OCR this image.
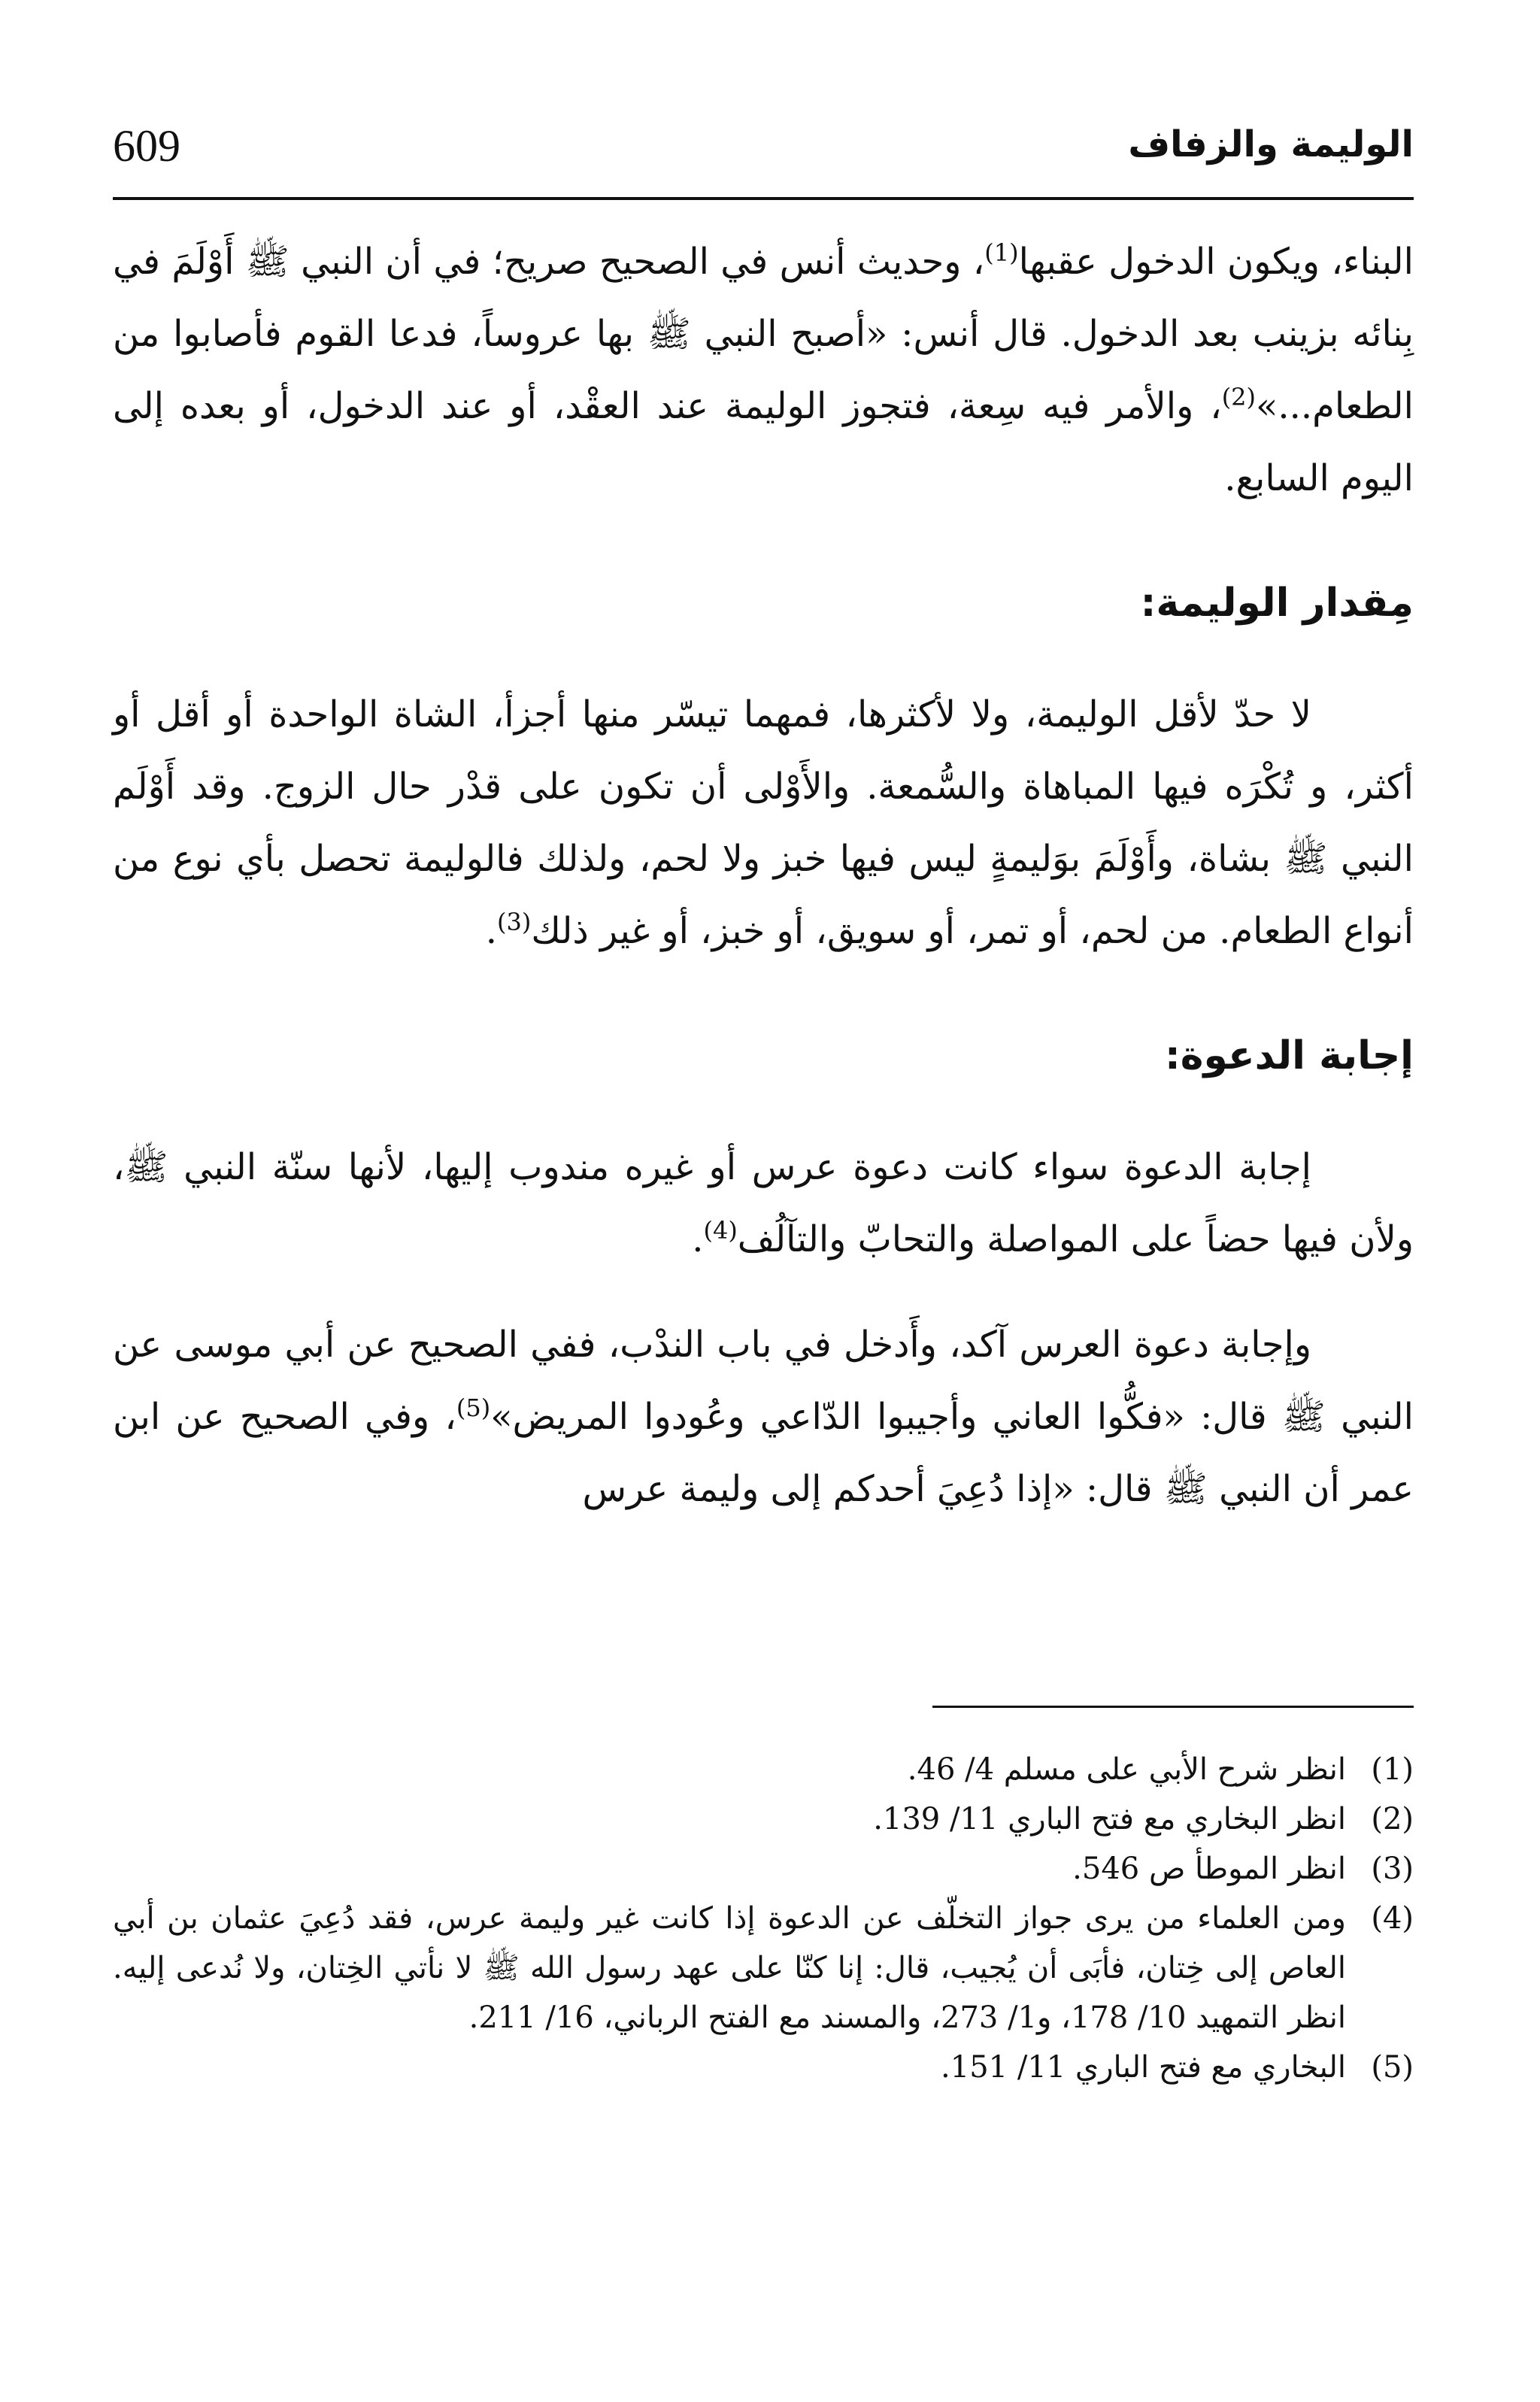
609	الوليمة والزفاف

البناء، ويكون الدخول عقبها$^{(1)}$، وحديث أنس في الصحيح صريح؛ في أن النبي ﷺ أَوْلَمَ في بِنائه بزينب بعد الدخول. قال أنس: «أصبح النبي ﷺ بها عروساً، فدعا القوم فأصابوا من الطعام...»$^{(2)}$، والأمر فيه سِعة، فتجوز الوليمة عند العقْد، أو عند الدخول، أو بعده إلى اليوم السابع.

مِقدار الوليمة:

لا حدّ لأقل الوليمة، ولا لأكثرها، فمهما تيسّر منها أجزأ، الشاة الواحدة أو أقل أو أكثر، و تُكْرَه فيها المباهاة والسُّمعة. والأَوْلى أن تكون على قدْر حال الزوج. وقد أَوْلَم النبي ﷺ بشاة، وأَوْلَمَ بوَليمةٍ ليس فيها خبز ولا لحم، ولذلك فالوليمة تحصل بأي نوع من أنواع الطعام. من لحم، أو تمر، أو سويق، أو خبز، أو غير ذلك$^{(3)}$.

إجابة الدعوة:

إجابة الدعوة سواء كانت دعوة عرس أو غيره مندوب إليها، لأنها سنّة النبي ﷺ، ولأن فيها حضاً على المواصلة والتحابّ والتآلُف$^{(4)}$.

وإجابة دعوة العرس آكد، وأَدخل في باب الندْب، ففي الصحيح عن أبي موسى عن النبي ﷺ قال: «فكُّوا العاني وأجيبوا الدّاعي وعُودوا المريض»$^{(5)}$، وفي الصحيح عن ابن عمر أن النبي ﷺ قال: «إذا دُعِيَ أحدكم إلى وليمة عرس

(1)
انظر شرح الأبي على مسلم 4/ 46.
(2)
انظر البخاري مع فتح الباري 11/ 139.
(3)
انظر الموطأ ص 546.
(4)
ومن العلماء من يرى جواز التخلّف عن الدعوة إذا كانت غير وليمة عرس، فقد دُعِيَ عثمان بن أبي العاص إلى خِتان، فأبَى أن يُجيب، قال: إنا كنّا على عهد رسول الله ﷺ لا نأتي الخِتان، ولا نُدعى إليه. انظر التمهيد 10/ 178، و1/ 273، والمسند مع الفتح الرباني، 16/ 211.
(5)
البخاري مع فتح الباري 11/ 151.
